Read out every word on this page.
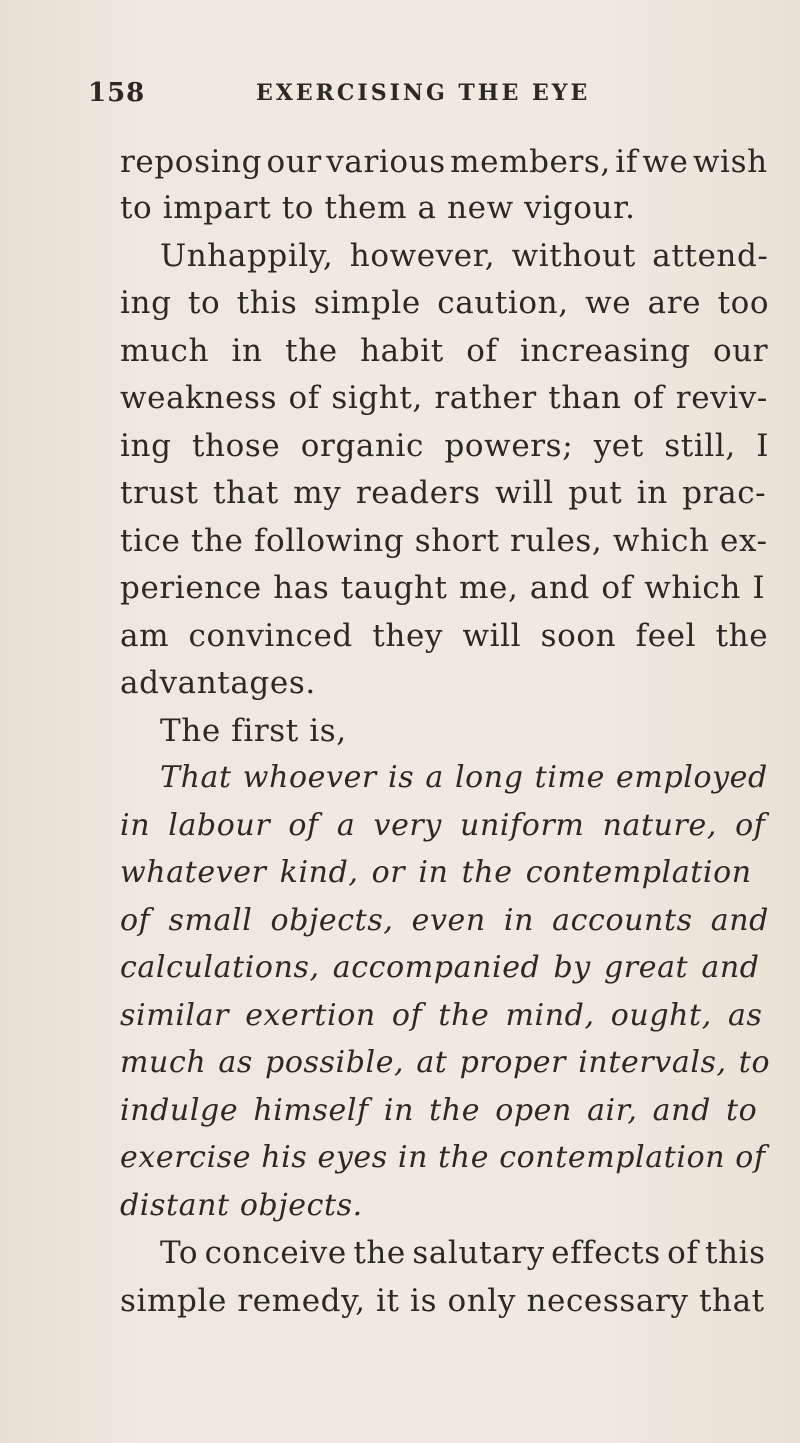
158	EXERCISING THE EYE
reposing our various members, if we wish
to impart to them a new vigour.
Unhappily, however, without attend-
ing to this simple caution, we are too
much in the habit of increasing our
weakness of sight, rather than of reviv-
ing those organic powers; yet still, I
trust that my readers will put in prac-
tice the following short rules, which ex-
perience has taught me, and of which I
am convinced they will soon feel the
advantages.
The first is,
That whoever is a long time employed
in labour of a very uniform nature, of
whatever kind, or in the contemplation
of small objects, even in accounts and
calculations, accompanied by great and
similar exertion of the mind, ought, as
much as possible, at proper intervals, to
indulge himself in the open air, and to
exercise his eyes in the contemplation of
distant objects.
To conceive the salutary effects of this
simple remedy, it is only necessary that
